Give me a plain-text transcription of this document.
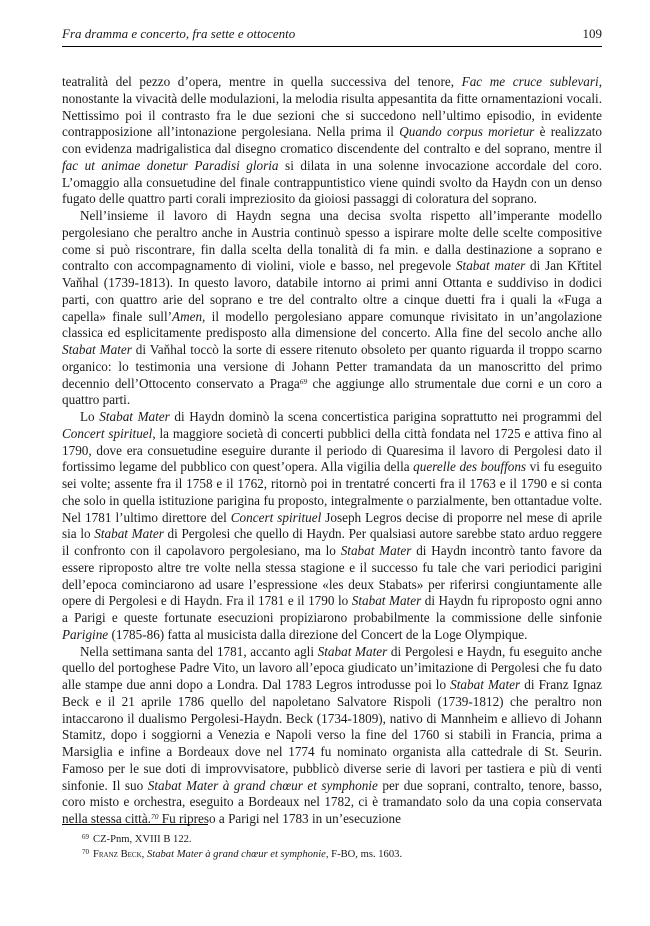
Fra dramma e concerto, fra sette e ottocento	109

teatralità del pezzo d’opera, mentre in quella successiva del tenore, Fac me cruce sublevari, nonostante la vivacità delle modulazioni, la melodia risulta appesantita da fitte ornamentazioni vocali. Nettissimo poi il contrasto fra le due sezioni che si succedono nell’ultimo episodio, in evidente contrapposizione all’intonazione pergolesiana. Nella prima il Quando corpus morietur è realizzato con evidenza madrigalistica dal disegno cromatico discendente del contralto e del soprano, mentre il fac ut animae donetur Paradisi gloria si dilata in una solenne invocazione accordale del coro. L’omaggio alla consuetudine del finale contrappuntistico viene quindi svolto da Haydn con un denso fugato delle quattro parti corali impreziosito da gioiosi passaggi di coloratura del soprano.

Nell’insieme il lavoro di Haydn segna una decisa svolta rispetto all’imperante modello pergolesiano che peraltro anche in Austria continuò spesso a ispirare molte delle scelte compositive come si può riscontrare, fin dalla scelta della tonalità di fa min. e dalla destinazione a soprano e contralto con accompagnamento di violini, viole e basso, nel pregevole Stabat mater di Jan Křtitel Vaňhal (1739-1813). In questo lavoro, databile intorno ai primi anni Ottanta e suddiviso in dodici parti, con quattro arie del soprano e tre del contralto oltre a cinque duetti fra i quali la «Fuga a capella» finale sull’Amen, il modello pergolesiano appare comunque rivisitato in un’angolazione classica ed esplicitamente predisposto alla dimensione del concerto. Alla fine del secolo anche allo Stabat Mater di Vaňhal toccò la sorte di essere ritenuto obsoleto per quanto riguarda il troppo scarno organico: lo testimonia una versione di Johann Petter tramandata da un manoscritto del primo decennio dell’Ottocento conservato a Praga$^{69}$ che aggiunge allo strumentale due corni e un coro a quattro parti.

Lo Stabat Mater di Haydn dominò la scena concertistica parigina soprattutto nei programmi del Concert spirituel, la maggiore società di concerti pubblici della città fondata nel 1725 e attiva fino al 1790, dove era consuetudine eseguire durante il periodo di Quaresima il lavoro di Pergolesi dato il fortissimo legame del pubblico con quest’opera. Alla vigilia della querelle des bouffons vi fu eseguito sei volte; assente fra il 1758 e il 1762, ritornò poi in trentatré concerti fra il 1763 e il 1790 e si conta che solo in quella istituzione parigina fu proposto, integralmente o parzialmente, ben ottantadue volte. Nel 1781 l’ultimo direttore del Concert spirituel Joseph Legros decise di proporre nel mese di aprile sia lo Stabat Mater di Pergolesi che quello di Haydn. Per qualsiasi autore sarebbe stato arduo reggere il confronto con il capolavoro pergolesiano, ma lo Stabat Mater di Haydn incontrò tanto favore da essere riproposto altre tre volte nella stessa stagione e il successo fu tale che vari periodici parigini dell’epoca cominciarono ad usare l’espressione «les deux Stabats» per riferirsi congiuntamente alle opere di Pergolesi e di Haydn. Fra il 1781 e il 1790 lo Stabat Mater di Haydn fu riproposto ogni anno a Parigi e queste fortunate esecuzioni propiziarono probabilmente la commissione delle sinfonie Parigine (1785-86) fatta al musicista dalla direzione del Concert de la Loge Olympique.

Nella settimana santa del 1781, accanto agli Stabat Mater di Pergolesi e Haydn, fu eseguito anche quello del portoghese Padre Vito, un lavoro all’epoca giudicato un’imitazione di Pergolesi che fu dato alle stampe due anni dopo a Londra. Dal 1783 Legros introdusse poi lo Stabat Mater di Franz Ignaz Beck e il 21 aprile 1786 quello del napoletano Salvatore Rispoli (1739-1812) che peraltro non intaccarono il dualismo Pergolesi-Haydn. Beck (1734-1809), nativo di Mannheim e allievo di Johann Stamitz, dopo i soggiorni a Venezia e Napoli verso la fine del 1760 si stabilì in Francia, prima a Marsiglia e infine a Bordeaux dove nel 1774 fu nominato organista alla cattedrale di St. Seurin. Famoso per le sue doti di improvvisatore, pubblicò diverse serie di lavori per tastiera e più di venti sinfonie. Il suo Stabat Mater à grand chœur et symphonie per due soprani, contralto, tenore, basso, coro misto e orchestra, eseguito a Bordeaux nel 1782, ci è tramandato solo da una copia conservata nella stessa città.$^{70}$ Fu ripreso a Parigi nel 1783 in un’esecuzione

$^{69}$ CZ-Pnm, XVIII B 122.
$^{70}$ Franz Beck, Stabat Mater à grand chœur et symphonie, F-BO, ms. 1603.
